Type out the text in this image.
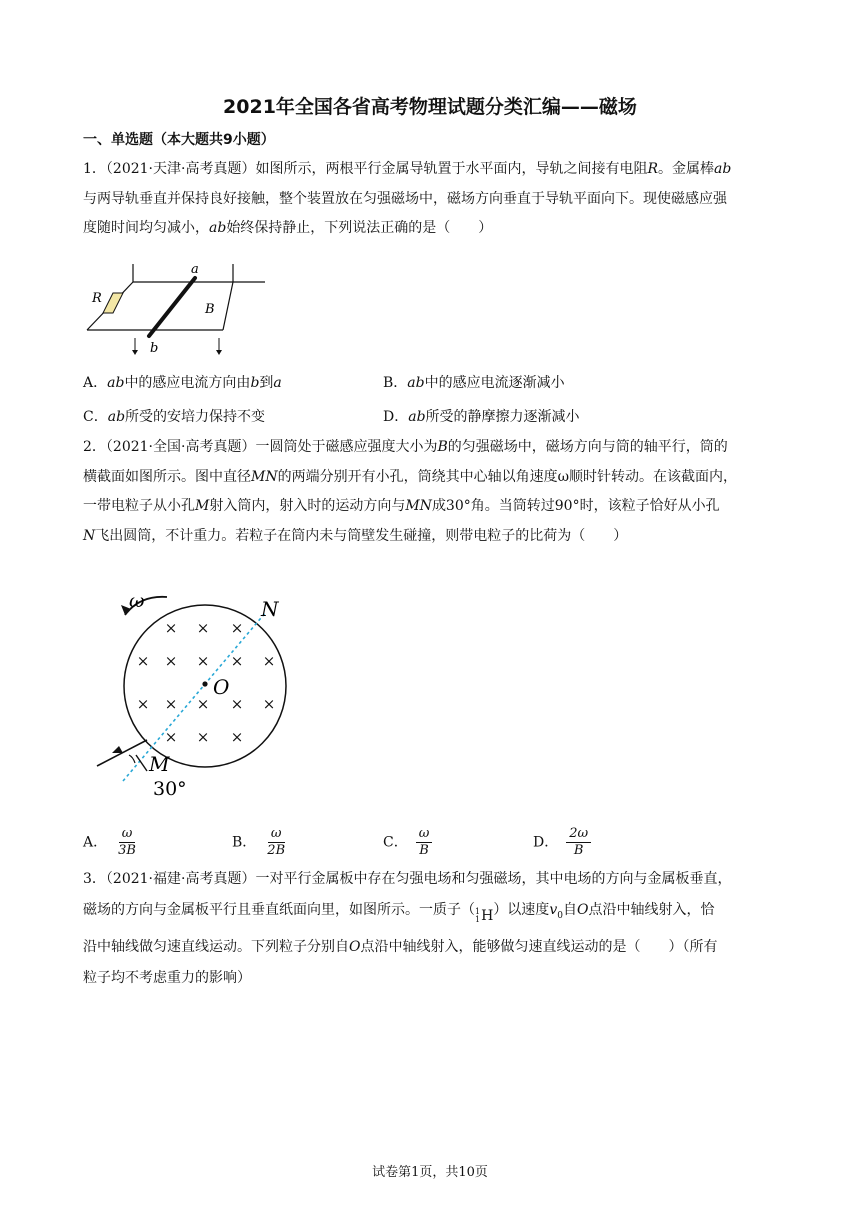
2021年全国各省高考物理试题分类汇编——磁场
一、单选题（本大题共9小题）
1．（2021·天津·高考真题）如图所示，两根平行金属导轨置于水平面内，导轨之间接有电阻R。金属棒ab
与两导轨垂直并保持良好接触，整个装置放在匀强磁场中，磁场方向垂直于导轨平面向下。现使磁感应强
度随时间均匀减小，ab始终保持静止，下列说法正确的是（　　）
a
b
R
B
A．ab中的感应电流方向由b到a	B．ab中的感应电流逐渐减小
C．ab所受的安培力保持不变	D．ab所受的静摩擦力逐渐减小
2．（2021·全国·高考真题）一圆筒处于磁感应强度大小为B的匀强磁场中，磁场方向与筒的轴平行，筒的
横截面如图所示。图中直径MN的两端分别开有小孔，筒绕其中心轴以角速度ω顺时针转动。在该截面内，
一带电粒子从小孔M射入筒内，射入时的运动方向与MN成30°角。当筒转过90°时，该粒子恰好从小孔
N飞出圆筒，不计重力。若粒子在筒内未与筒壁发生碰撞，则带电粒子的比荷为（　　）
ω
× × ×
× × × × ×
× × × × ×
× × ×
O
N
M
30°
A． $\frac{\omega}{3B}$	B． $\frac{\omega}{2B}$	C． $\frac{\omega}{B}$	D． $\frac{2\omega}{B}$
3．（2021·福建·高考真题）一对平行金属板中存在匀强电场和匀强磁场，其中电场的方向与金属板垂直，
磁场的方向与金属板平行且垂直纸面向里，如图所示。一质子（ 1
1 H ）以速度$v_0$自O点沿中轴线射入，恰
沿中轴线做匀速直线运动。下列粒子分别自O点沿中轴线射入，能够做匀速直线运动的是（　　）（所有
粒子均不考虑重力的影响）
试卷第1页，共10页
